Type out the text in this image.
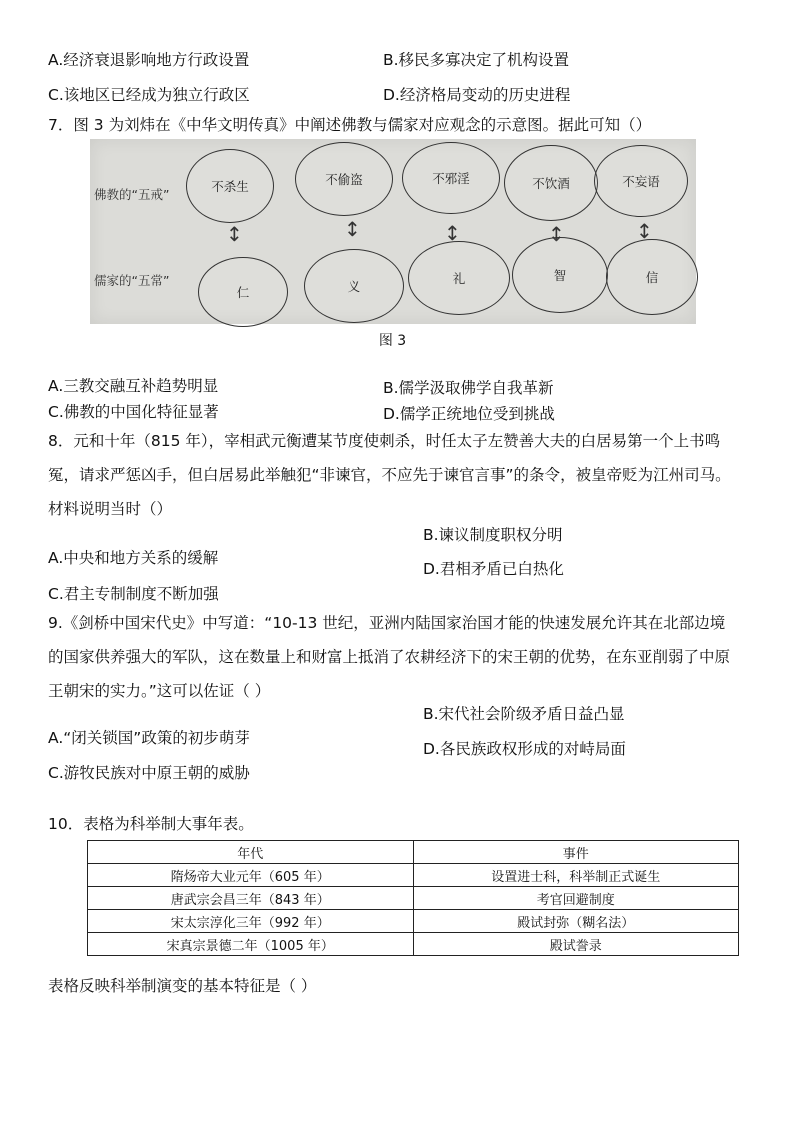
A.经济衰退影响地方行政设置	B.移民多寡决定了机构设置
C.该地区已经成为独立行政区	D.经济格局变动的历史进程
7．图 3 为刘炜在《中华文明传真》中阐述佛教与儒家对应观念的示意图。据此可知（）
佛教的“五戒”
儒家的“五常”
不杀生	不偷盗	不邪淫	不饮酒	不妄语
↕	↕	↕	↕	↕
仁	义
礼	智	信
图 3
A.三教交融互补趋势明显	B.儒学汲取佛学自我革新
C.佛教的中国化特征显著	D.儒学正统地位受到挑战
8．元和十年（815 年），宰相武元衡遭某节度使刺杀，时任太子左赞善大夫的白居易第一个上书鸣冤，请求严惩凶手，但白居易此举触犯“非谏官，不应先于谏官言事”的条令，被皇帝贬为江州司马。材料说明当时（）
B.谏议制度职权分明
A.中央和地方关系的缓解
D.君相矛盾已白热化
C.君主专制制度不断加强
9.《剑桥中国宋代史》中写道：“10-13 世纪，亚洲内陆国家治国才能的快速发展允许其在北部边境的国家供养强大的军队，这在数量上和财富上抵消了农耕经济下的宋王朝的优势，在东亚削弱了中原王朝宋的实力。”这可以佐证（ ）
B.宋代社会阶级矛盾日益凸显
A.“闭关锁国”政策的初步萌芽
D.各民族政权形成的对峙局面
C.游牧民族对中原王朝的威胁
10．表格为科举制大事年表。
年代	事件
隋炀帝大业元年（605 年）	设置进士科，科举制正式诞生
唐武宗会昌三年（843 年）	考官回避制度
宋太宗淳化三年（992 年）	殿试封弥（糊名法）
宋真宗景德二年（1005 年）	殿试誊录
表格反映科举制演变的基本特征是（ ）
